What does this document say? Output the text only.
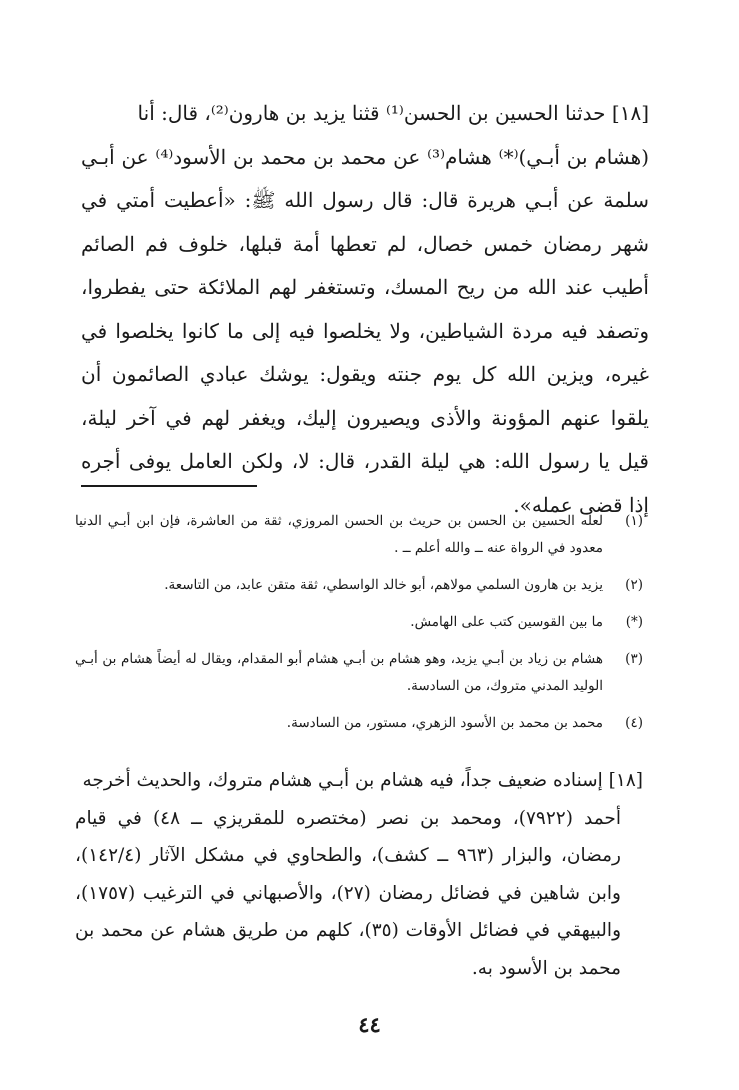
[١٨] حدثنا الحسين بن الحسن⁽¹⁾ قثنا يزيد بن هارون⁽²⁾، قال: أنا
(هشام بن أبـي)⁽*⁾ هشام⁽³⁾ عن محمد بن محمد بن الأسود⁽⁴⁾ عن أبـي سلمة عن أبـي هريرة قال: قال رسول الله ﷺ: «أعطيت أمتي في شهر رمضان خمس خصال، لم تعطها أمة قبلها، خلوف فم الصائم أطيب عند الله من ريح المسك، وتستغفر لهم الملائكة حتى يفطروا، وتصفد فيه مردة الشياطين، ولا يخلصوا فيه إلى ما كانوا يخلصوا في غيره، ويزين الله كل يوم جنته ويقول: يوشك عبادي الصائمون أن يلقوا عنهم المؤونة والأذى ويصيرون إليك، ويغفر لهم في آخر ليلة، قيل يا رسول الله: هي ليلة القدر، قال: لا، ولكن العامل يوفى أجره إذا قضى عمله».
(١)
لعله الحسين بن الحسن بن حريث بن الحسن المروزي، ثقة من العاشرة، فإن ابن أبـي الدنيا معدود في الرواة عنه ــ والله أعلم ــ .
(٢)
يزيد بن هارون السلمي مولاهم، أبو خالد الواسطي، ثقة متقن عابد، من التاسعة.
(*)
ما بين القوسين كتب على الهامش.
(٣)
هشام بن زياد بن أبـي يزيد، وهو هشام بن أبـي هشام أبو المقدام، ويقال له أيضاً هشام بن أبـي الوليد المدني متروك، من السادسة.
(٤)
محمد بن محمد بن الأسود الزهري، مستور، من السادسة.
[١٨] إسناده ضعيف جداً، فيه هشام بن أبـي هشام متروك، والحديث أخرجه
أحمد (٧٩٢٢)، ومحمد بن نصر (مختصره للمقريزي ــ ٤٨) في قيام رمضان، والبزار (٩٦٣ ــ كشف)، والطحاوي في مشكل الآثار (١٤٢/٤)، وابن شاهين في فضائل رمضان (٢٧)، والأصبهاني في الترغيب (١٧٥٧)، والبيهقي في فضائل الأوقات (٣٥)، كلهم من طريق هشام عن محمد بن محمد بن الأسود به.
٤٤
